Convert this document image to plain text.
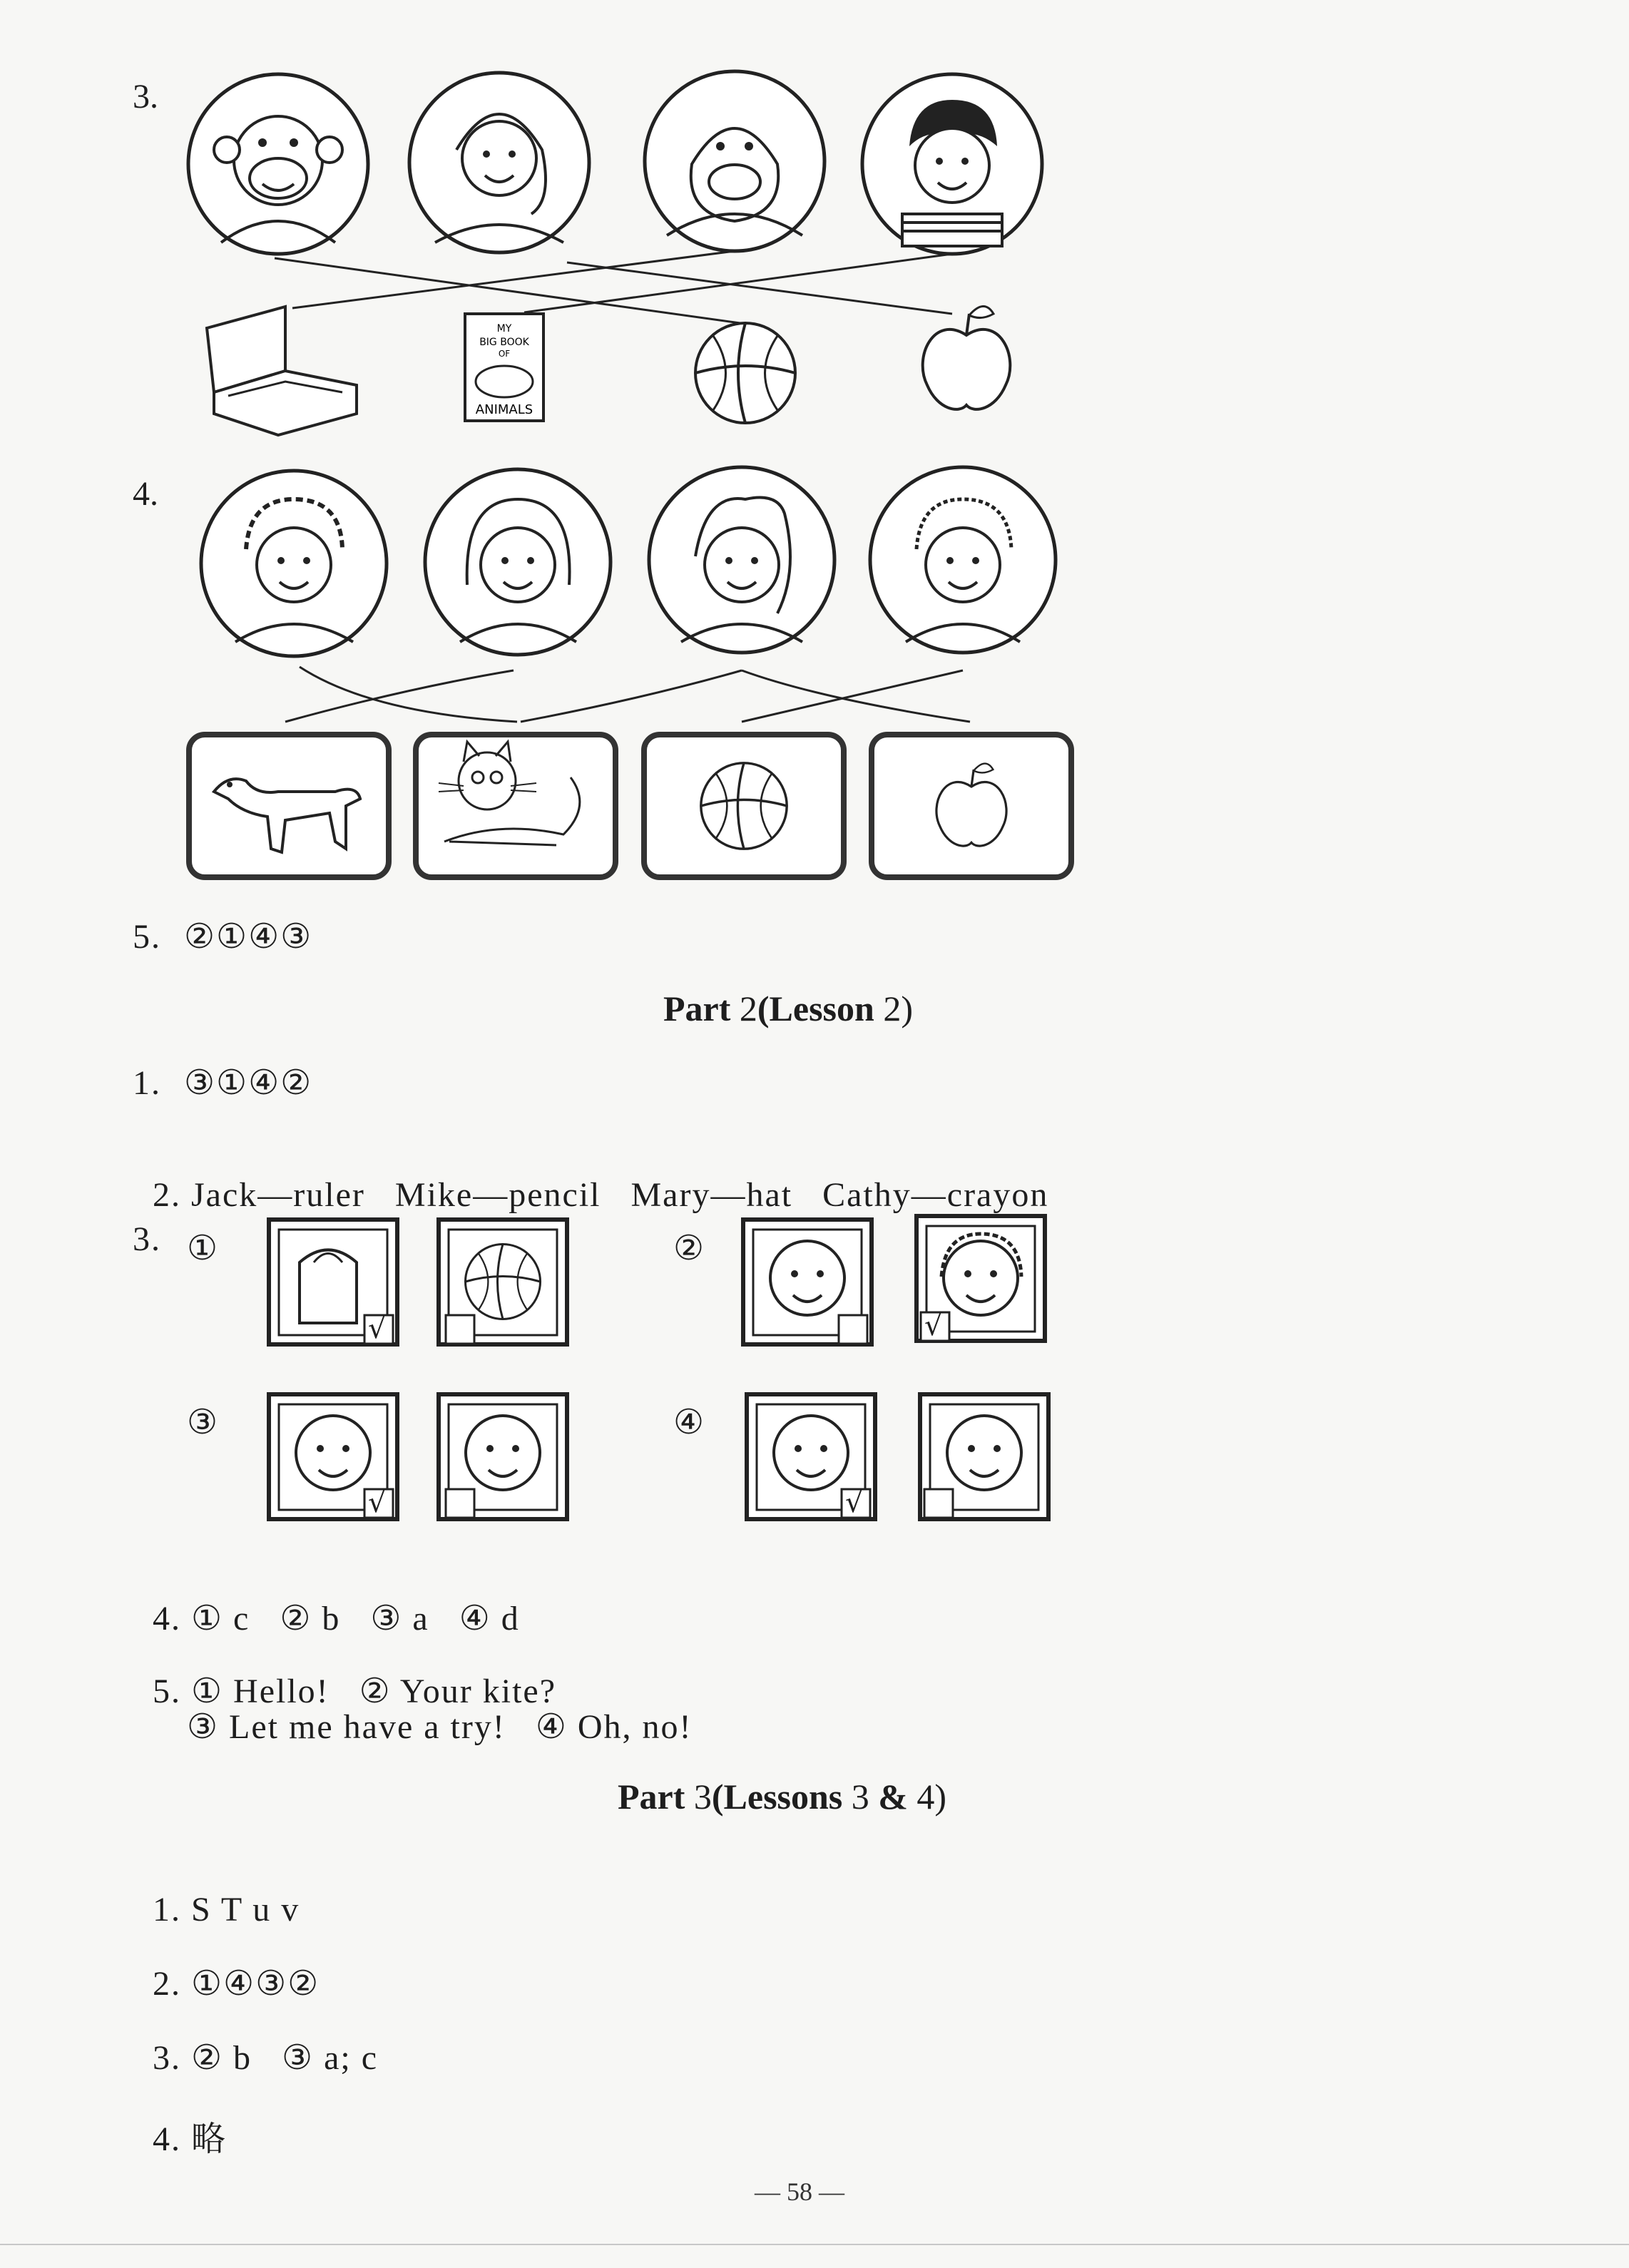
3.
MY
BIG BOOK
OF
ANIMALS
√	√
√	√
4.
5. ②①④③
Part 2(Lesson 2)
1. ③①④②

2. Jack—ruler   Mike—pencil   Mary—hat   Cathy—crayon

3. ①	②
③	④

4. ① c   ② b   ③ a   ④ d

5. ① Hello!   ② Your kite?

③ Let me have a try!   ④ Oh, no!
Part 3(Lessons 3 & 4)

1. S T u v

2. ①④③②

3. ② b   ③ a; c

4. 略

— 58 —
